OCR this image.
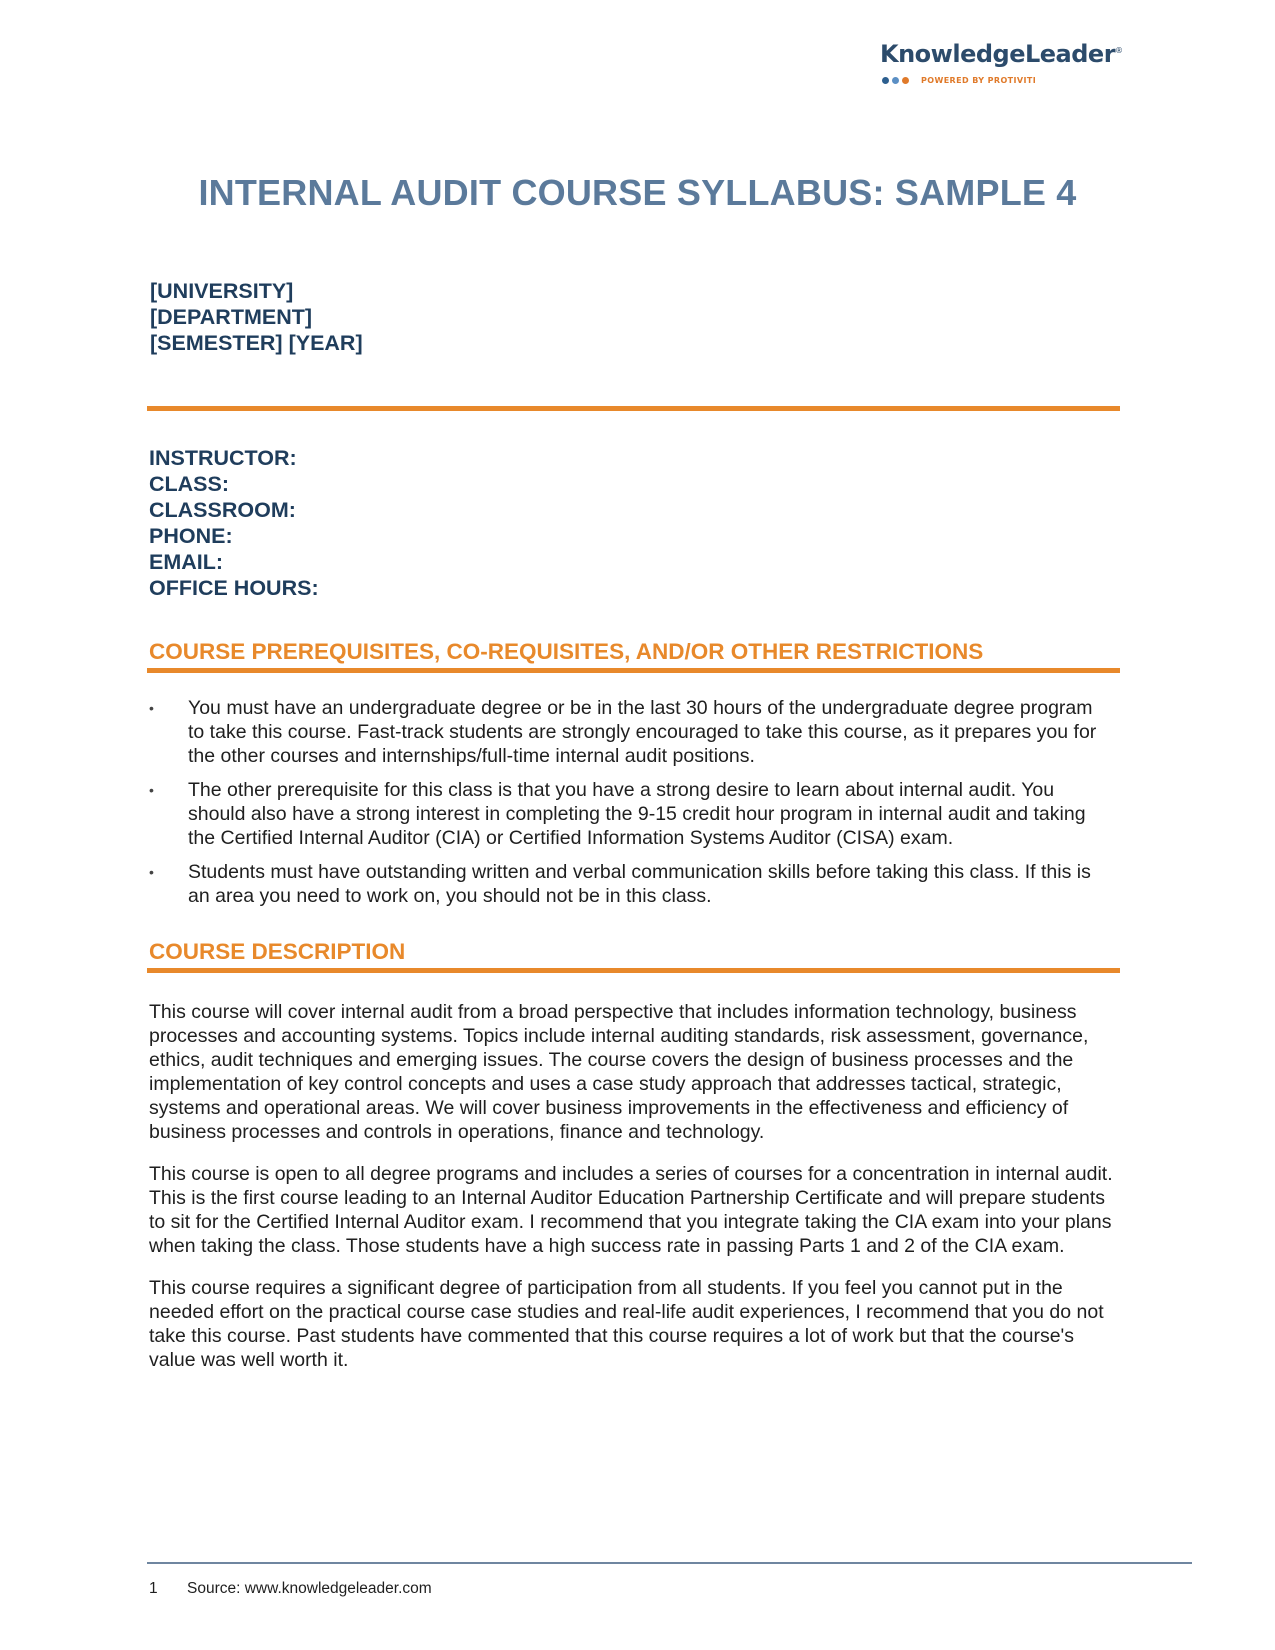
KnowledgeLeader®
POWERED BY PROTIVITI
INTERNAL AUDIT COURSE SYLLABUS: SAMPLE 4
[UNIVERSITY]
[DEPARTMENT]
[SEMESTER] [YEAR]
INSTRUCTOR:
CLASS:
CLASSROOM:
PHONE:
EMAIL:
OFFICE HOURS:
COURSE PREREQUISITES, CO-REQUISITES, AND/OR OTHER RESTRICTIONS
• You must have an undergraduate degree or be in the last 30 hours of the undergraduate degree program to take this course. Fast-track students are strongly encouraged to take this course, as it prepares you for the other courses and internships/full-time internal audit positions.
• The other prerequisite for this class is that you have a strong desire to learn about internal audit. You should also have a strong interest in completing the 9-15 credit hour program in internal audit and taking the Certified Internal Auditor (CIA) or Certified Information Systems Auditor (CISA) exam.
• Students must have outstanding written and verbal communication skills before taking this class. If this is an area you need to work on, you should not be in this class.
COURSE DESCRIPTION

This course will cover internal audit from a broad perspective that includes information technology, business processes and accounting systems. Topics include internal auditing standards, risk assessment, governance, ethics, audit techniques and emerging issues. The course covers the design of business processes and the implementation of key control concepts and uses a case study approach that addresses tactical, strategic, systems and operational areas. We will cover business improvements in the effectiveness and efficiency of business processes and controls in operations, finance and technology.

This course is open to all degree programs and includes a series of courses for a concentration in internal audit. This is the first course leading to an Internal Auditor Education Partnership Certificate and will prepare students to sit for the Certified Internal Auditor exam. I recommend that you integrate taking the CIA exam into your plans when taking the class. Those students have a high success rate in passing Parts 1 and 2 of the CIA exam.

This course requires a significant degree of participation from all students. If you feel you cannot put in the needed effort on the practical course case studies and real-life audit experiences, I recommend that you do not take this course. Past students have commented that this course requires a lot of work but that the course's value was well worth it.

1 Source: www.knowledgeleader.com
